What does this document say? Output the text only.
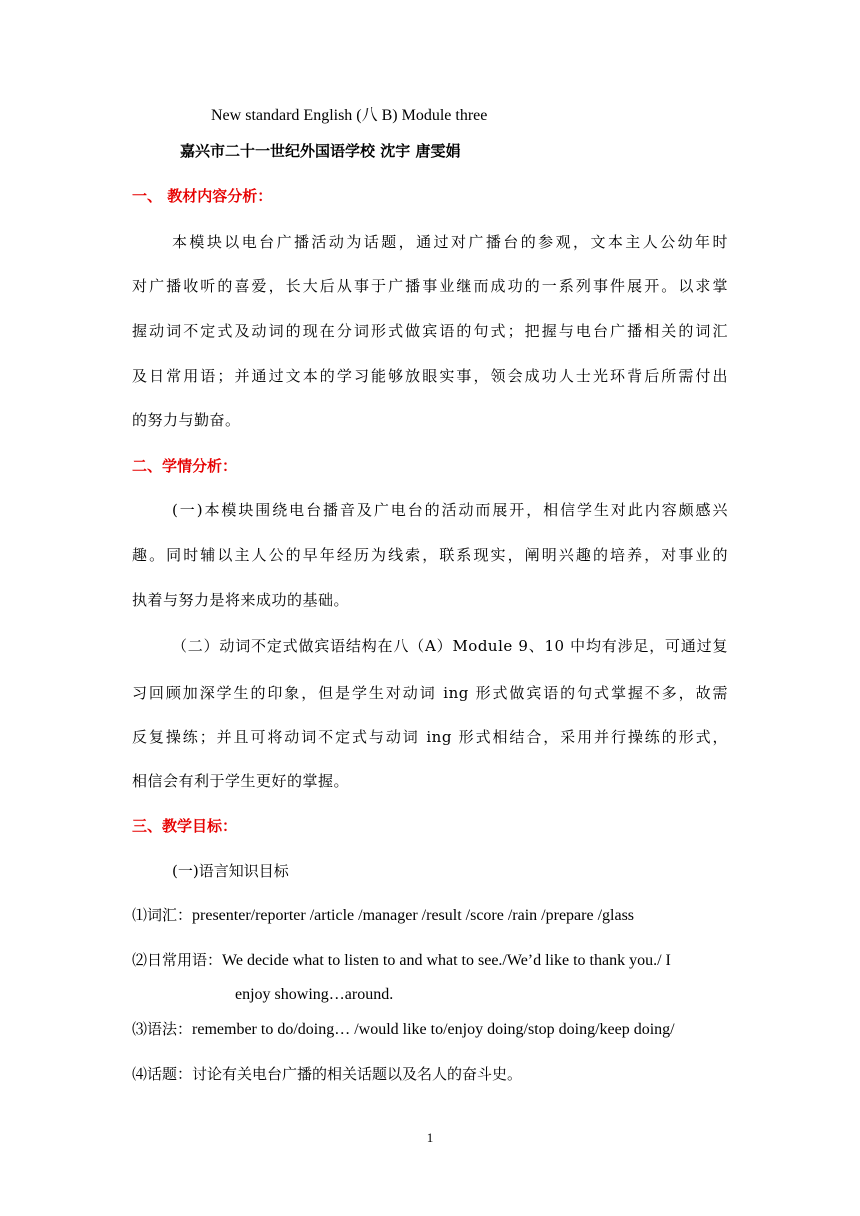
New standard English (八 B) Module three
嘉兴市二十一世纪外国语学校 沈宇 唐雯娟
一、 教材内容分析：
本模块以电台广播活动为话题，通过对广播台的参观，文本主人公幼年时
对广播收听的喜爱，长大后从事于广播事业继而成功的一系列事件展开。以求掌
握动词不定式及动词的现在分词形式做宾语的句式；把握与电台广播相关的词汇
及日常用语；并通过文本的学习能够放眼实事，领会成功人士光环背后所需付出
的努力与勤奋。
二、学情分析：
(一)本模块围绕电台播音及广电台的活动而展开，相信学生对此内容颇感兴
趣。同时辅以主人公的早年经历为线索，联系现实，阐明兴趣的培养，对事业的
执着与努力是将来成功的基础。
（二）动词不定式做宾语结构在八（A）Module 9、10 中均有涉足，可通过复
习回顾加深学生的印象，但是学生对动词 ing 形式做宾语的句式掌握不多，故需
反复操练；并且可将动词不定式与动词 ing 形式相结合，采用并行操练的形式，
相信会有利于学生更好的掌握。
三、教学目标：
(一)语言知识目标
⑴词汇：presenter/reporter /article /manager /result /score /rain /prepare /glass
⑵日常用语：We decide what to listen to and what to see./We’d like to thank you./ I
enjoy showing…around.
⑶语法：remember to do/doing… /would like to/enjoy doing/stop doing/keep doing/
⑷话题：讨论有关电台广播的相关话题以及名人的奋斗史。
1
